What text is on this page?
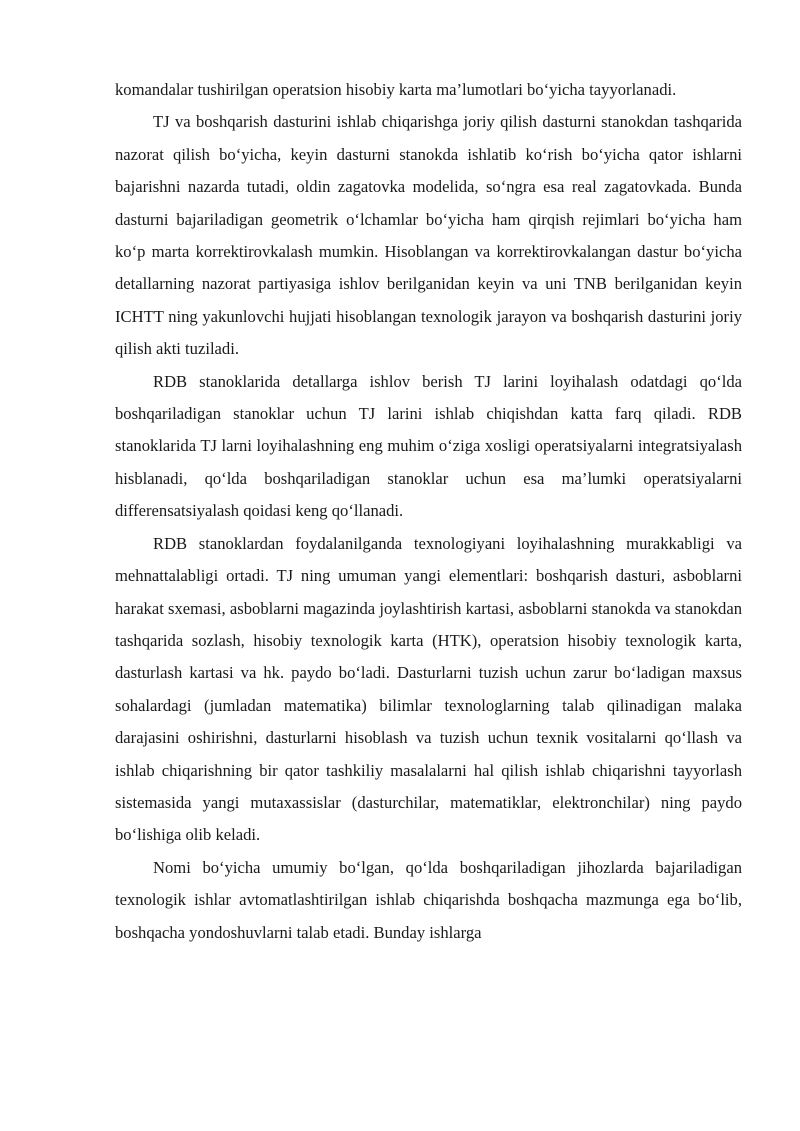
komandalar tushirilgan operatsion hisobiy karta ma’lumotlari bo‘yicha tayyorlanadi.

TJ va boshqarish dasturini ishlab chiqarishga joriy qilish dasturni stanokdan tashqarida nazorat qilish bo‘yicha, keyin dasturni stanokda ishlatib ko‘rish bo‘yicha qator ishlarni bajarishni nazarda tutadi, oldin zagatovka modelida, so‘ngra esa real zagatovkada. Bunda dasturni bajariladigan geometrik o‘lchamlar bo‘yicha ham qirqish rejimlari bo‘yicha ham ko‘p marta korrektirovkalash mumkin. Hisoblangan va korrektirovkalangan dastur bo‘yicha detallarning nazorat partiyasiga ishlov berilganidan keyin va uni TNB berilganidan keyin ICHTT ning yakunlovchi hujjati hisoblangan texnologik jarayon va boshqarish dasturini joriy qilish akti tuziladi.

RDB stanoklarida detallarga ishlov berish TJ larini loyihalash odatdagi qo‘lda boshqariladigan stanoklar uchun TJ larini ishlab chiqishdan katta farq qiladi. RDB stanoklarida TJ larni loyihalashning eng muhim o‘ziga xosligi operatsiyalarni integratsiyalash hisblanadi, qo‘lda boshqariladigan stanoklar uchun esa ma’lumki operatsiyalarni differensatsiyalash qoidasi keng qo‘llanadi.

RDB stanoklardan foydalanilganda texnologiyani loyihalashning murakkabligi va mehnattalabligi ortadi. TJ ning umuman yangi elementlari: boshqarish dasturi, asboblarni harakat sxemasi, asboblarni magazinda joylashtirish kartasi, asboblarni stanokda va stanokdan tashqarida sozlash, hisobiy texnologik karta (HTK), operatsion hisobiy texnologik karta, dasturlash kartasi va hk. paydo bo‘ladi. Dasturlarni tuzish uchun zarur bo‘ladigan maxsus sohalardagi (jumladan matematika) bilimlar texnologlarning talab qilinadigan malaka darajasini oshirishni, dasturlarni hisoblash va tuzish uchun texnik vositalarni qo‘llash va ishlab chiqarishning bir qator tashkiliy masalalarni hal qilish ishlab chiqarishni tayyorlash sistemasida yangi mutaxassislar (dasturchilar, matematiklar, elektronchilar) ning paydo bo‘lishiga olib keladi.

Nomi bo‘yicha umumiy bo‘lgan, qo‘lda boshqariladigan jihozlarda bajariladigan texnologik ishlar avtomatlashtirilgan ishlab chiqarishda boshqacha mazmunga ega bo‘lib, boshqacha yondoshuvlarni talab etadi. Bunday ishlarga
